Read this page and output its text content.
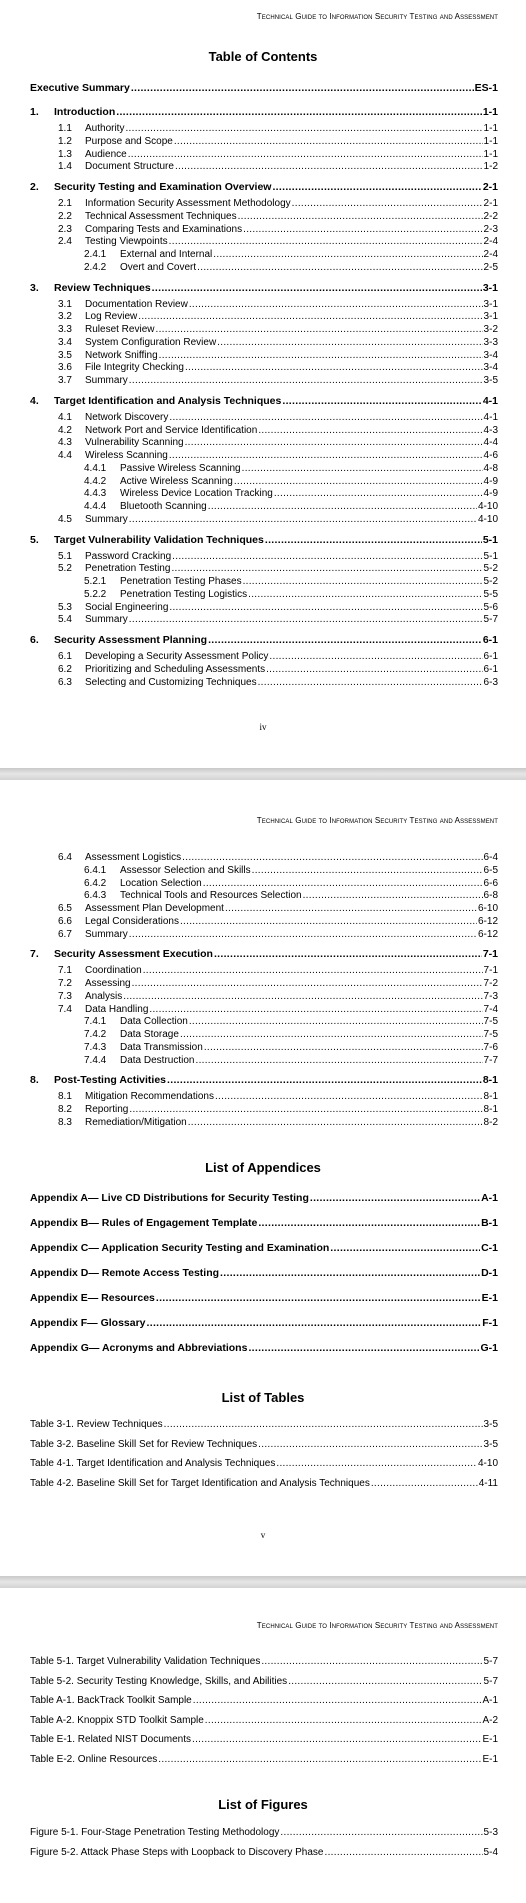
Technical Guide to Information Security Testing and Assessment
Table of Contents
Executive Summary .....	ES-1
1.	Introduction .....	1-1
1.1	Authority .....	1-1
1.2	Purpose and Scope .....	1-1
1.3	Audience .....	1-1
1.4	Document Structure .....	1-2
2.	Security Testing and Examination Overview .....	2-1
2.1	Information Security Assessment Methodology .....	2-1
2.2	Technical Assessment Techniques .....	2-2
2.3	Comparing Tests and Examinations .....	2-3
2.4	Testing Viewpoints .....	2-4
2.4.1	External and Internal .....	2-4
2.4.2	Overt and Covert .....	2-5
3.	Review Techniques .....	3-1
3.1	Documentation Review .....	3-1
3.2	Log Review .....	3-1
3.3	Ruleset Review .....	3-2
3.4	System Configuration Review .....	3-3
3.5	Network Sniffing .....	3-4
3.6	File Integrity Checking .....	3-4
3.7	Summary .....	3-5
4.	Target Identification and Analysis Techniques .....	4-1
4.1	Network Discovery .....	4-1
4.2	Network Port and Service Identification .....	4-3
4.3	Vulnerability Scanning .....	4-4
4.4	Wireless Scanning .....	4-6
4.4.1	Passive Wireless Scanning .....	4-8
4.4.2	Active Wireless Scanning .....	4-9
4.4.3	Wireless Device Location Tracking .....	4-9
4.4.4	Bluetooth Scanning .....	4-10
4.5	Summary .....	4-10
5.	Target Vulnerability Validation Techniques .....	5-1
5.1	Password Cracking .....	5-1
5.2	Penetration Testing .....	5-2
5.2.1	Penetration Testing Phases .....	5-2
5.2.2	Penetration Testing Logistics .....	5-5
5.3	Social Engineering .....	5-6
5.4	Summary .....	5-7
6.	Security Assessment Planning .....	6-1
6.1	Developing a Security Assessment Policy .....	6-1
6.2	Prioritizing and Scheduling Assessments .....	6-1
6.3	Selecting and Customizing Techniques .....	6-3
iv
Technical Guide to Information Security Testing and Assessment
6.4	Assessment Logistics .....	6-4
6.4.1	Assessor Selection and Skills .....	6-5
6.4.2	Location Selection .....	6-6
6.4.3	Technical Tools and Resources Selection .....	6-8
6.5	Assessment Plan Development .....	6-10
6.6	Legal Considerations .....	6-12
6.7	Summary .....	6-12
7.	Security Assessment Execution .....	7-1
7.1	Coordination .....	7-1
7.2	Assessing .....	7-2
7.3	Analysis .....	7-3
7.4	Data Handling .....	7-4
7.4.1	Data Collection .....	7-5
7.4.2	Data Storage .....	7-5
7.4.3	Data Transmission .....	7-6
7.4.4	Data Destruction .....	7-7
8.	Post-Testing Activities .....	8-1
8.1	Mitigation Recommendations .....	8-1
8.2	Reporting .....	8-1
8.3	Remediation/Mitigation .....	8-2
List of Appendices
Appendix A— Live CD Distributions for Security Testing .....	A-1
Appendix B— Rules of Engagement Template .....	B-1
Appendix C— Application Security Testing and Examination .....	C-1
Appendix D— Remote Access Testing .....	D-1
Appendix E— Resources .....	E-1
Appendix F— Glossary .....	F-1
Appendix G— Acronyms and Abbreviations .....	G-1
List of Tables
Table 3-1. Review Techniques .....	3-5
Table 3-2. Baseline Skill Set for Review Techniques .....	3-5
Table 4-1. Target Identification and Analysis Techniques .....	4-10
Table 4-2. Baseline Skill Set for Target Identification and Analysis Techniques .....	4-11
v
Technical Guide to Information Security Testing and Assessment
Table 5-1. Target Vulnerability Validation Techniques .....	5-7
Table 5-2. Security Testing Knowledge, Skills, and Abilities .....	5-7
Table A-1. BackTrack Toolkit Sample .....	A-1
Table A-2. Knoppix STD Toolkit Sample .....	A-2
Table E-1. Related NIST Documents .....	E-1
Table E-2. Online Resources .....	E-1
List of Figures
Figure 5-1. Four-Stage Penetration Testing Methodology .....	5-3
Figure 5-2. Attack Phase Steps with Loopback to Discovery Phase .....	5-4
